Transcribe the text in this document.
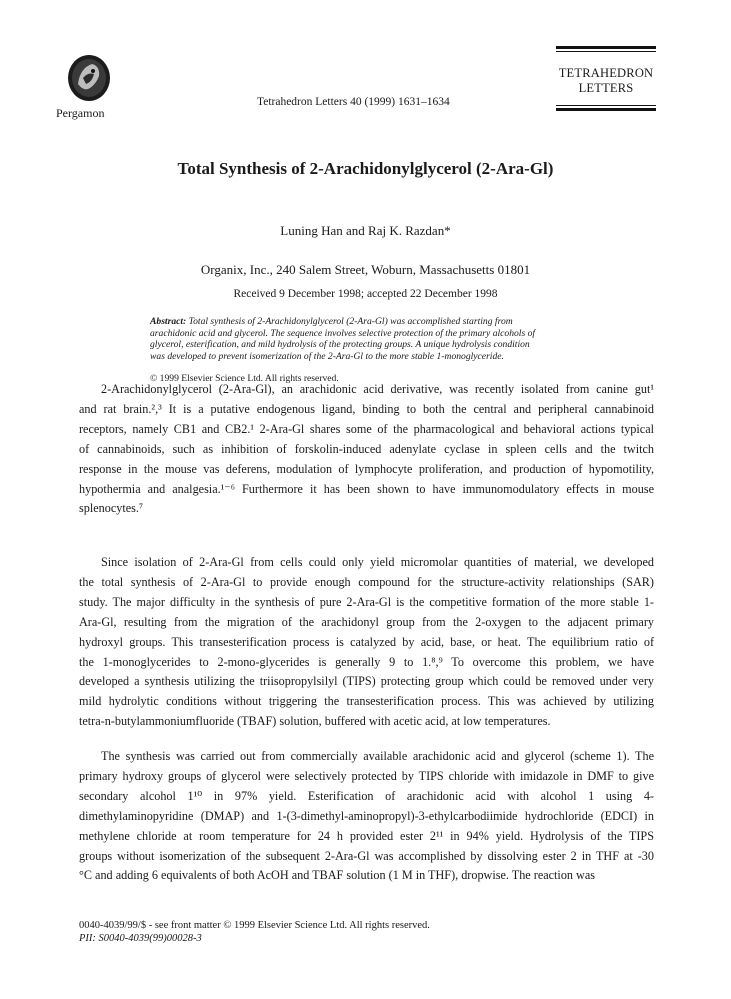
Pergamon
Tetrahedron Letters 40 (1999) 1631–1634
TETRAHEDRON
LETTERS
Total Synthesis of 2-Arachidonylglycerol (2-Ara-Gl)
Luning Han and Raj K. Razdan*
Organix, Inc., 240 Salem Street, Woburn, Massachusetts 01801
Received 9 December 1998; accepted 22 December 1998
Abstract: Total synthesis of 2-Arachidonylglycerol (2-Ara-Gl) was accomplished starting from
arachidonic acid and glycerol. The sequence involves selective protection of the primary alcohols of
glycerol, esterification, and mild hydrolysis of the protecting groups. A unique hydrolysis condition
was developed to prevent isomerization of the 2-Ara-Gl to the more stable 1-monoglyceride.
© 1999 Elsevier Science Ltd. All rights reserved.
2-Arachidonylglycerol (2-Ara-Gl), an arachidonic acid derivative, was recently isolated from canine gut¹
and rat brain.²,³ It is a putative endogenous ligand, binding to both the central and peripheral cannabinoid
receptors, namely CB1 and CB2.¹ 2-Ara-Gl shares some of the pharmacological and behavioral actions typical
of cannabinoids, such as inhibition of forskolin-induced adenylate cyclase in spleen cells and the twitch
response in the mouse vas deferens, modulation of lymphocyte proliferation, and production of hypomotility,
hypothermia and analgesia.¹⁻⁶ Furthermore it has been shown to have immunomodulatory effects in mouse
splenocytes.⁷
Since isolation of 2-Ara-Gl from cells could only yield micromolar quantities of material, we developed
the total synthesis of 2-Ara-Gl to provide enough compound for the structure-activity relationships (SAR)
study. The major difficulty in the synthesis of pure 2-Ara-Gl is the competitive formation of the more stable 1-
Ara-Gl, resulting from the migration of the arachidonyl group from the 2-oxygen to the adjacent primary
hydroxyl groups. This transesterification process is catalyzed by acid, base, or heat. The equilibrium ratio of
the 1-monoglycerides to 2-mono-glycerides is generally 9 to 1.⁸,⁹ To overcome this problem, we have
developed a synthesis utilizing the triisopropylsilyl (TIPS) protecting group which could be removed under very
mild hydrolytic conditions without triggering the transesterification process. This was achieved by utilizing
tetra-n-butylammoniumfluoride (TBAF) solution, buffered with acetic acid, at low temperatures.
The synthesis was carried out from commercially available arachidonic acid and glycerol (scheme 1). The
primary hydroxy groups of glycerol were selectively protected by TIPS chloride with imidazole in DMF to give
secondary alcohol 1¹⁰ in 97% yield. Esterification of arachidonic acid with alcohol 1 using 4-
dimethylaminopyridine (DMAP) and 1-(3-dimethyl-aminopropyl)-3-ethylcarbodiimide hydrochloride (EDCI) in
methylene chloride at room temperature for 24 h provided ester 2¹¹ in 94% yield. Hydrolysis of the TIPS
groups without isomerization of the subsequent 2-Ara-Gl was accomplished by dissolving ester 2 in THF at -30
°C and adding 6 equivalents of both AcOH and TBAF solution (1 M in THF), dropwise. The reaction was
0040-4039/99/$ - see front matter © 1999 Elsevier Science Ltd. All rights reserved.
PII: S0040-4039(99)00028-3
